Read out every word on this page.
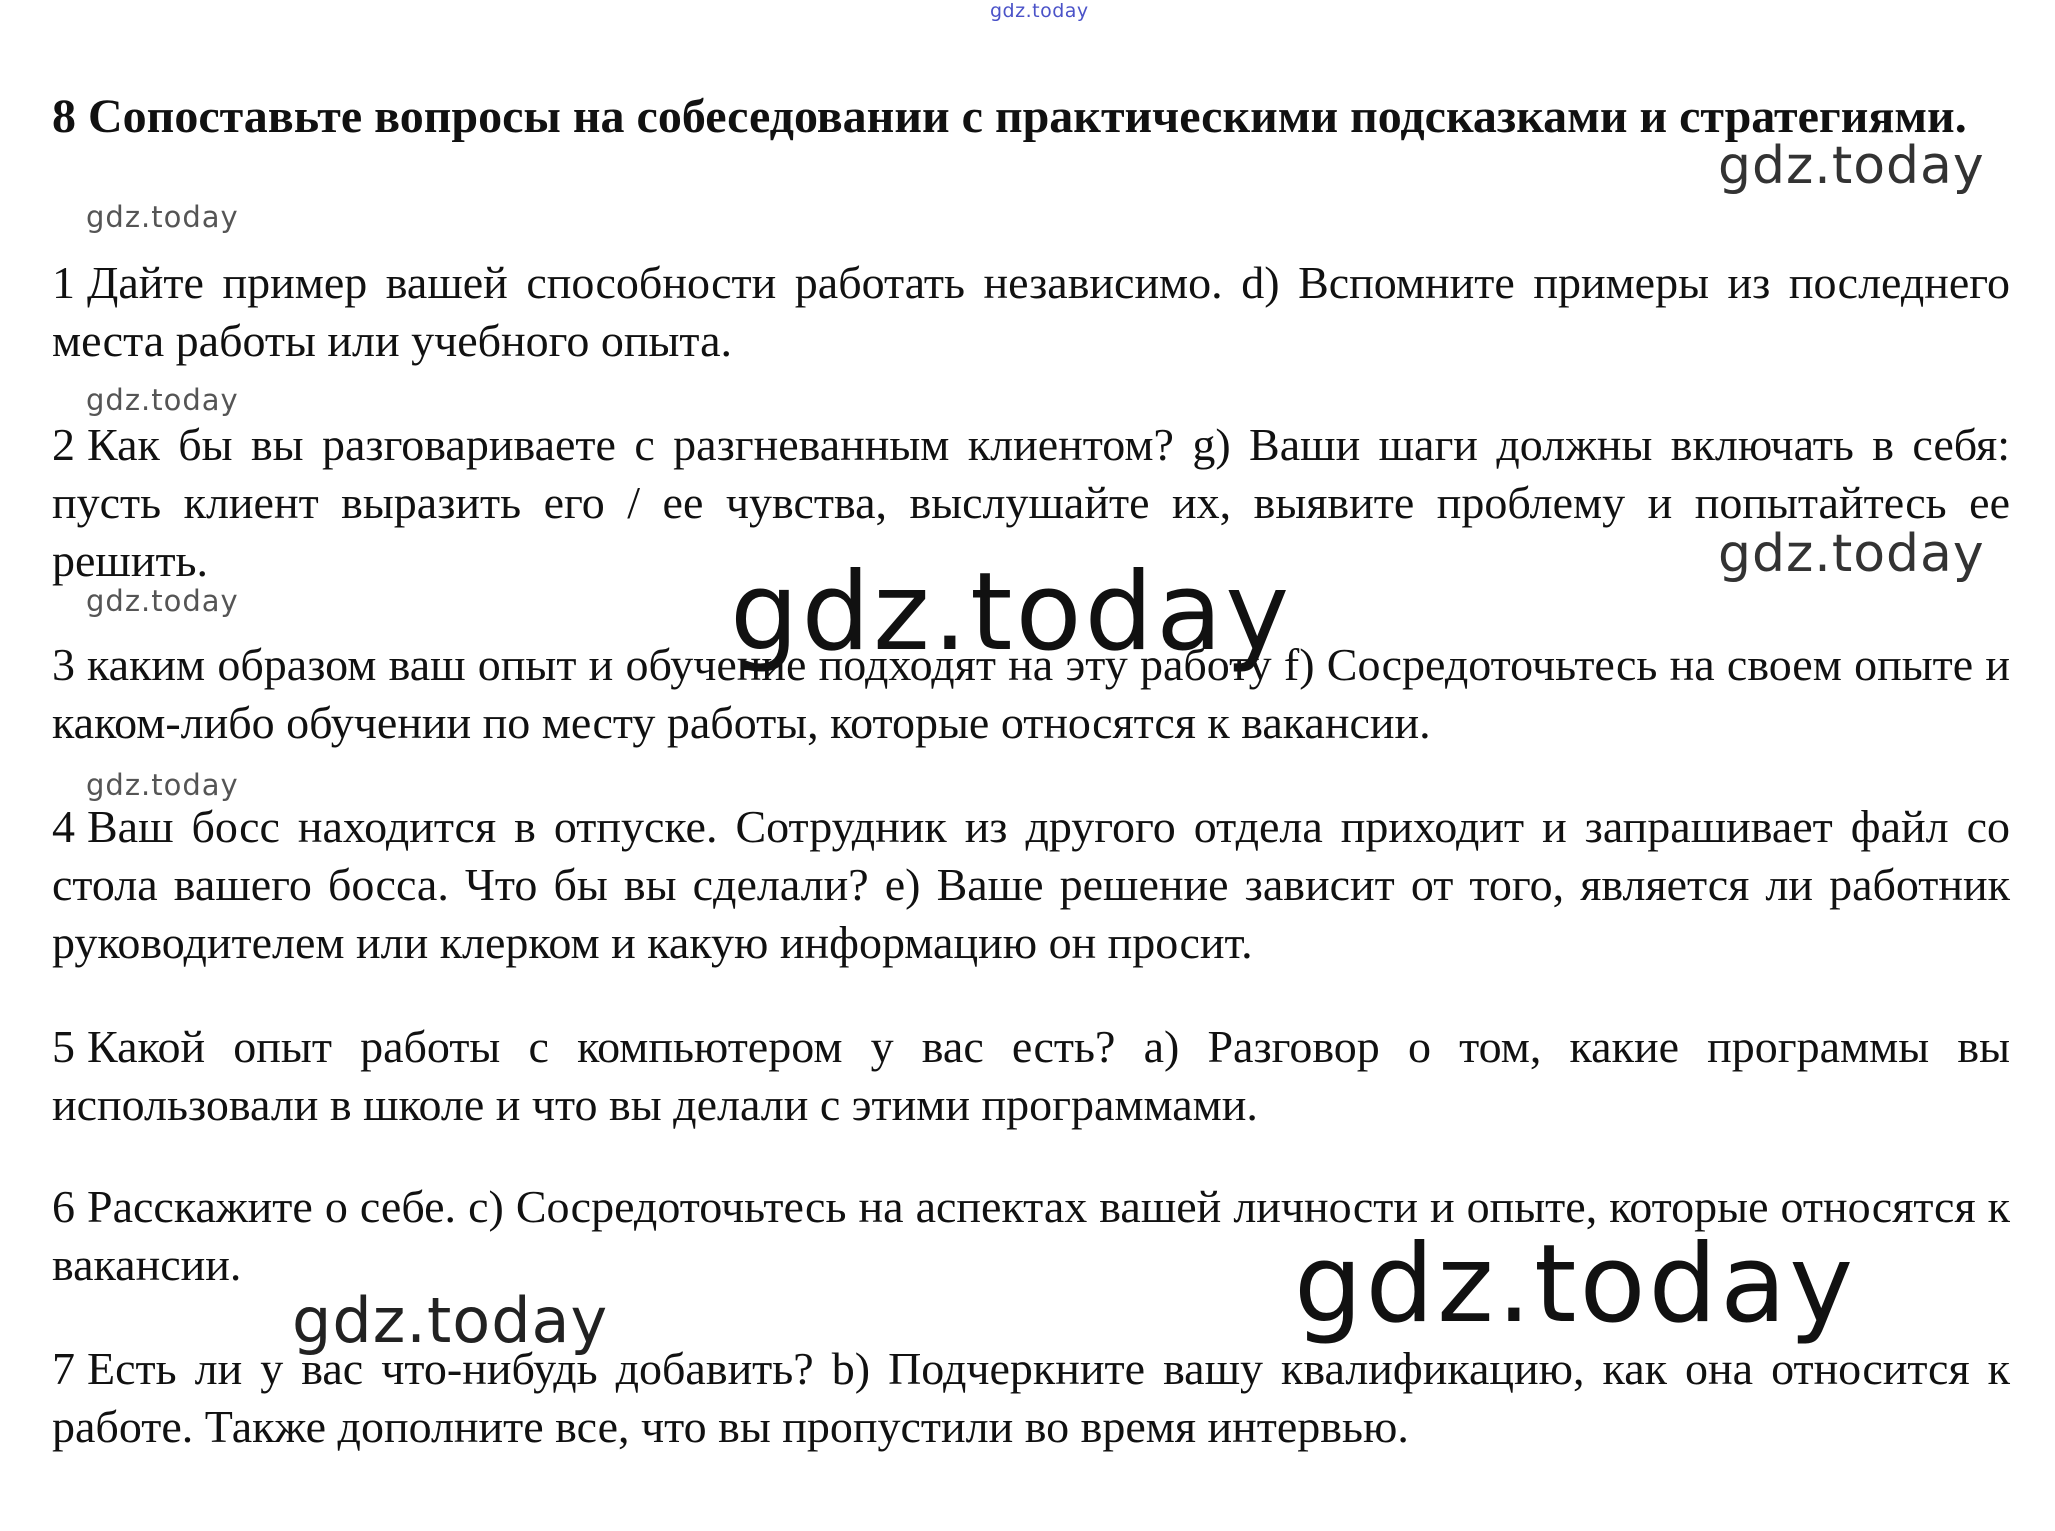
gdz.today

8 Сопоставьте вопросы на собеседовании с практическими подсказками и стратегиями.

1 Дайте пример вашей способности работать независимо. d) Вспомните примеры из последнего места работы или учебного опыта.

2 Как бы вы разговариваете с разгневанным клиентом? g) Ваши шаги должны включать в себя: пусть клиент выразить его / ее чувства, выслушайте их, выявите проблему и попытайтесь ее решить.

3 каким образом ваш опыт и обучение подходят на эту работу f) Сосредоточьтесь на своем опыте и каком-либо обучении по месту работы, которые относятся к вакансии.

4 Ваш босс находится в отпуске. Сотрудник из другого отдела приходит и запрашивает файл со стола вашего босса. Что бы вы сделали? e) Ваше решение зависит от того, является ли работник руководителем или клерком и какую информацию он просит.

5 Какой опыт работы с компьютером у вас есть? a) Разговор о том, какие программы вы использовали в школе и что вы делали с этими программами.

6 Расскажите о себе. c) Сосредоточьтесь на аспектах вашей личности и опыте, которые относятся к вакансии.

7 Есть ли у вас что-нибудь добавить? b) Подчеркните вашу квалификацию, как она относится к работе. Также дополните все, что вы пропустили во время интервью.

gdz.today
gdz.today
gdz.today
gdz.today
gdz.today	gdz.today
gdz.today
gdz.today
gdz.today
